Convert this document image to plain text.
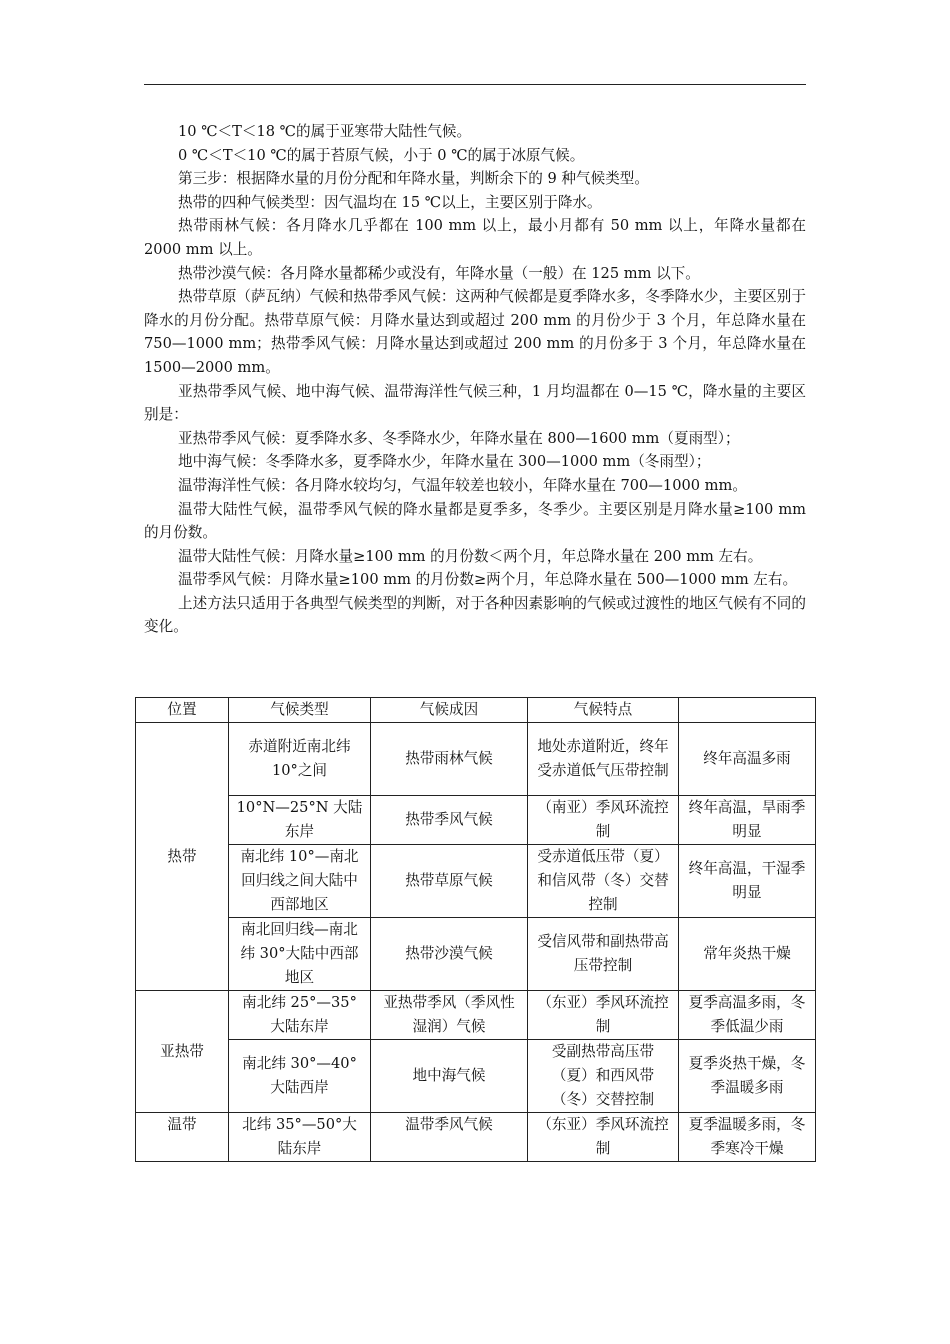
10 ℃＜T＜18 ℃的属于亚寒带大陆性气候。

0 ℃＜T＜10 ℃的属于苔原气候，小于 0 ℃的属于冰原气候。

第三步：根据降水量的月份分配和年降水量，判断余下的 9 种气候类型。

热带的四种气候类型：因气温均在 15 ℃以上，主要区别于降水。

热带雨林气候：各月降水几乎都在 100 mm 以上，最小月都有 50 mm 以上，年降水量都在 2000 mm 以上。

热带沙漠气候：各月降水量都稀少或没有，年降水量（一般）在 125 mm 以下。

热带草原（萨瓦纳）气候和热带季风气候：这两种气候都是夏季降水多，冬季降水少，主要区别于降水的月份分配。热带草原气候：月降水量达到或超过 200 mm 的月份少于 3 个月，年总降水量在 750—1000 mm；热带季风气候：月降水量达到或超过 200 mm 的月份多于 3 个月，年总降水量在 1500—2000 mm。

亚热带季风气候、地中海气候、温带海洋性气候三种，1 月均温都在 0—15 ℃，降水量的主要区别是：

亚热带季风气候：夏季降水多、冬季降水少，年降水量在 800—1600 mm（夏雨型）；

地中海气候：冬季降水多，夏季降水少，年降水量在 300—1000 mm（冬雨型）；

温带海洋性气候：各月降水较均匀，气温年较差也较小，年降水量在 700—1000 mm。

温带大陆性气候，温带季风气候的降水量都是夏季多，冬季少。主要区别是月降水量≥100 mm 的月份数。

温带大陆性气候：月降水量≥100 mm 的月份数＜两个月，年总降水量在 200 mm 左右。

温带季风气候：月降水量≥100 mm 的月份数≥两个月，年总降水量在 500—1000 mm 左右。

上述方法只适用于各典型气候类型的判断，对于各种因素影响的气候或过渡性的地区气候有不同的变化。

位置	气候类型	气候成因	气候特点	
热带	赤道附近南北纬 10°之间	热带雨林气候	地处赤道附近，终年受赤道低气压带控制	终年高温多雨
	10°N—25°N 大陆东岸	热带季风气候	（南亚）季风环流控制	终年高温，旱雨季明显
	南北纬 10°—南北回归线之间大陆中西部地区	热带草原气候	受赤道低压带（夏）和信风带（冬）交替控制	终年高温，干湿季明显
	南北回归线—南北纬 30°大陆中西部地区	热带沙漠气候	受信风带和副热带高压带控制	常年炎热干燥
亚热带	南北纬 25°—35°大陆东岸	亚热带季风（季风性湿润）气候	（东亚）季风环流控制	夏季高温多雨，冬季低温少雨
	南北纬 30°—40°大陆西岸	地中海气候	受副热带高压带（夏）和西风带（冬）交替控制	夏季炎热干燥，冬季温暖多雨
温带	北纬 35°—50°大陆东岸	温带季风气候	（东亚）季风环流控制	夏季温暖多雨，冬季寒冷干燥
